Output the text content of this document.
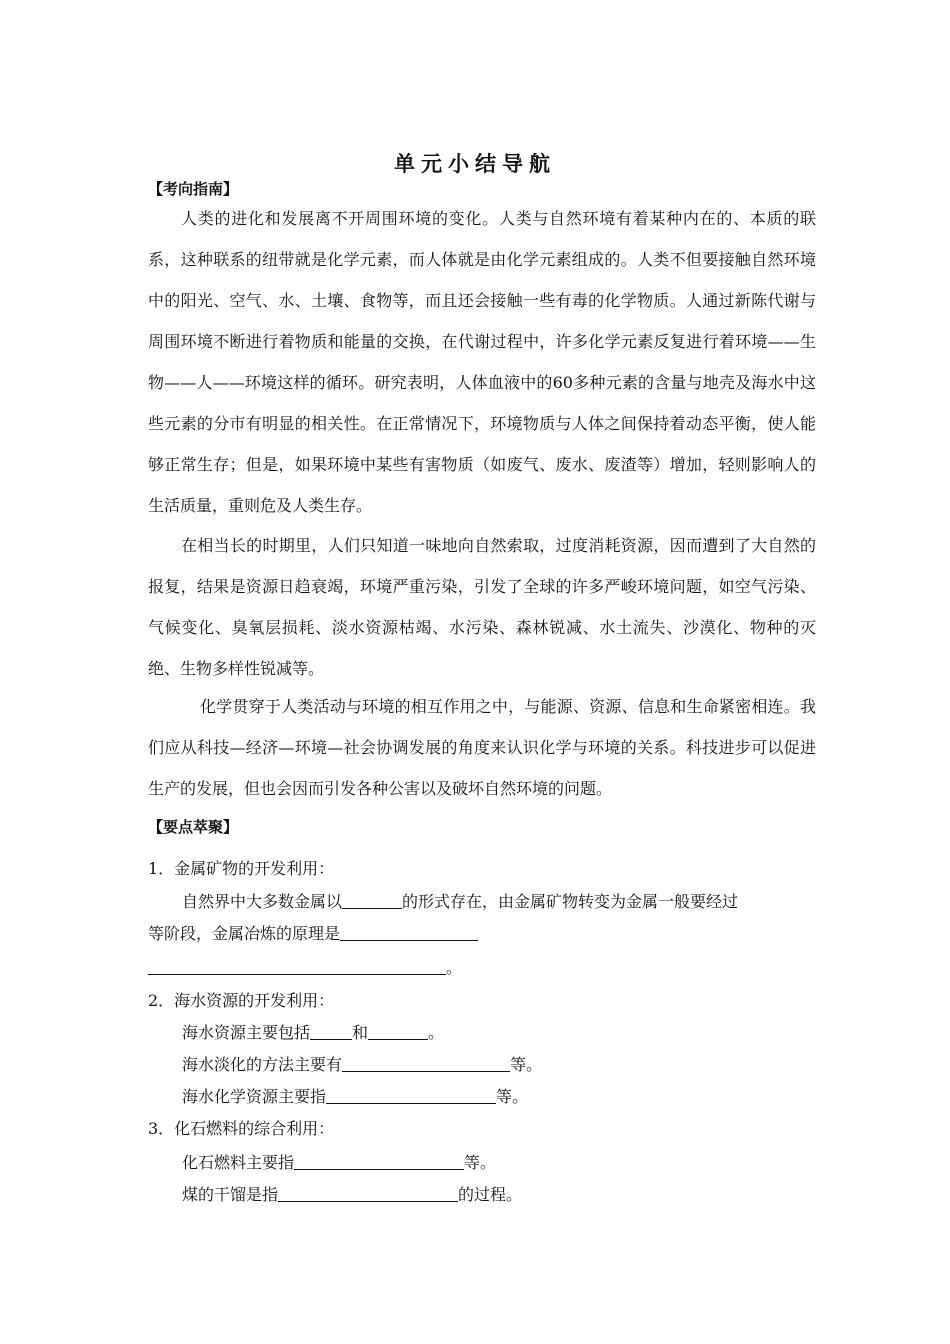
单元小结导航
【考向指南】

人类的进化和发展离不开周围环境的变化。人类与自然环境有着某种内在的、本质的联系，这种联系的纽带就是化学元素，而人体就是由化学元素组成的。人类不但要接触自然环境中的阳光、空气、水、土壤、食物等，而且还会接触一些有毒的化学物质。人通过新陈代谢与周围环境不断进行着物质和能量的交换，在代谢过程中，许多化学元素反复进行着环境——生物——人——环境这样的循环。研究表明，人体血液中的60多种元素的含量与地壳及海水中这些元素的分市有明显的相关性。在正常情况下，环境物质与人体之间保持着动态平衡，使人能够正常生存；但是，如果环境中某些有害物质（如废气、废水、废渣等）增加，轻则影响人的生活质量，重则危及人类生存。

在相当长的时期里，人们只知道一味地向自然索取，过度消耗资源，因而遭到了大自然的报复，结果是资源日趋衰竭，环境严重污染，引发了全球的许多严峻环境问题，如空气污染、气候变化、臭氧层损耗、淡水资源枯竭、水污染、森林锐减、水土流失、沙漠化、物种的灭绝、生物多样性锐减等。

化学贯穿于人类活动与环境的相互作用之中，与能源、资源、信息和生命紧密相连。我们应从科技—经济—环境—社会协调发展的角度来认识化学与环境的关系。科技进步可以促进生产的发展，但也会因而引发各种公害以及破坏自然环境的问题。

【要点萃聚】

1．金属矿物的开发利用：

自然界中大多数金属以	的形式存在，由金属矿物转变为金属一般要经过

等阶段，金属冶炼的原理是

。

2．海水资源的开发利用：

海水资源主要包括	和	。

海水淡化的方法主要有	等。

海水化学资源主要指	等。

3．化石燃料的综合利用：

化石燃料主要指	等。

煤的干馏是指	的过程。
